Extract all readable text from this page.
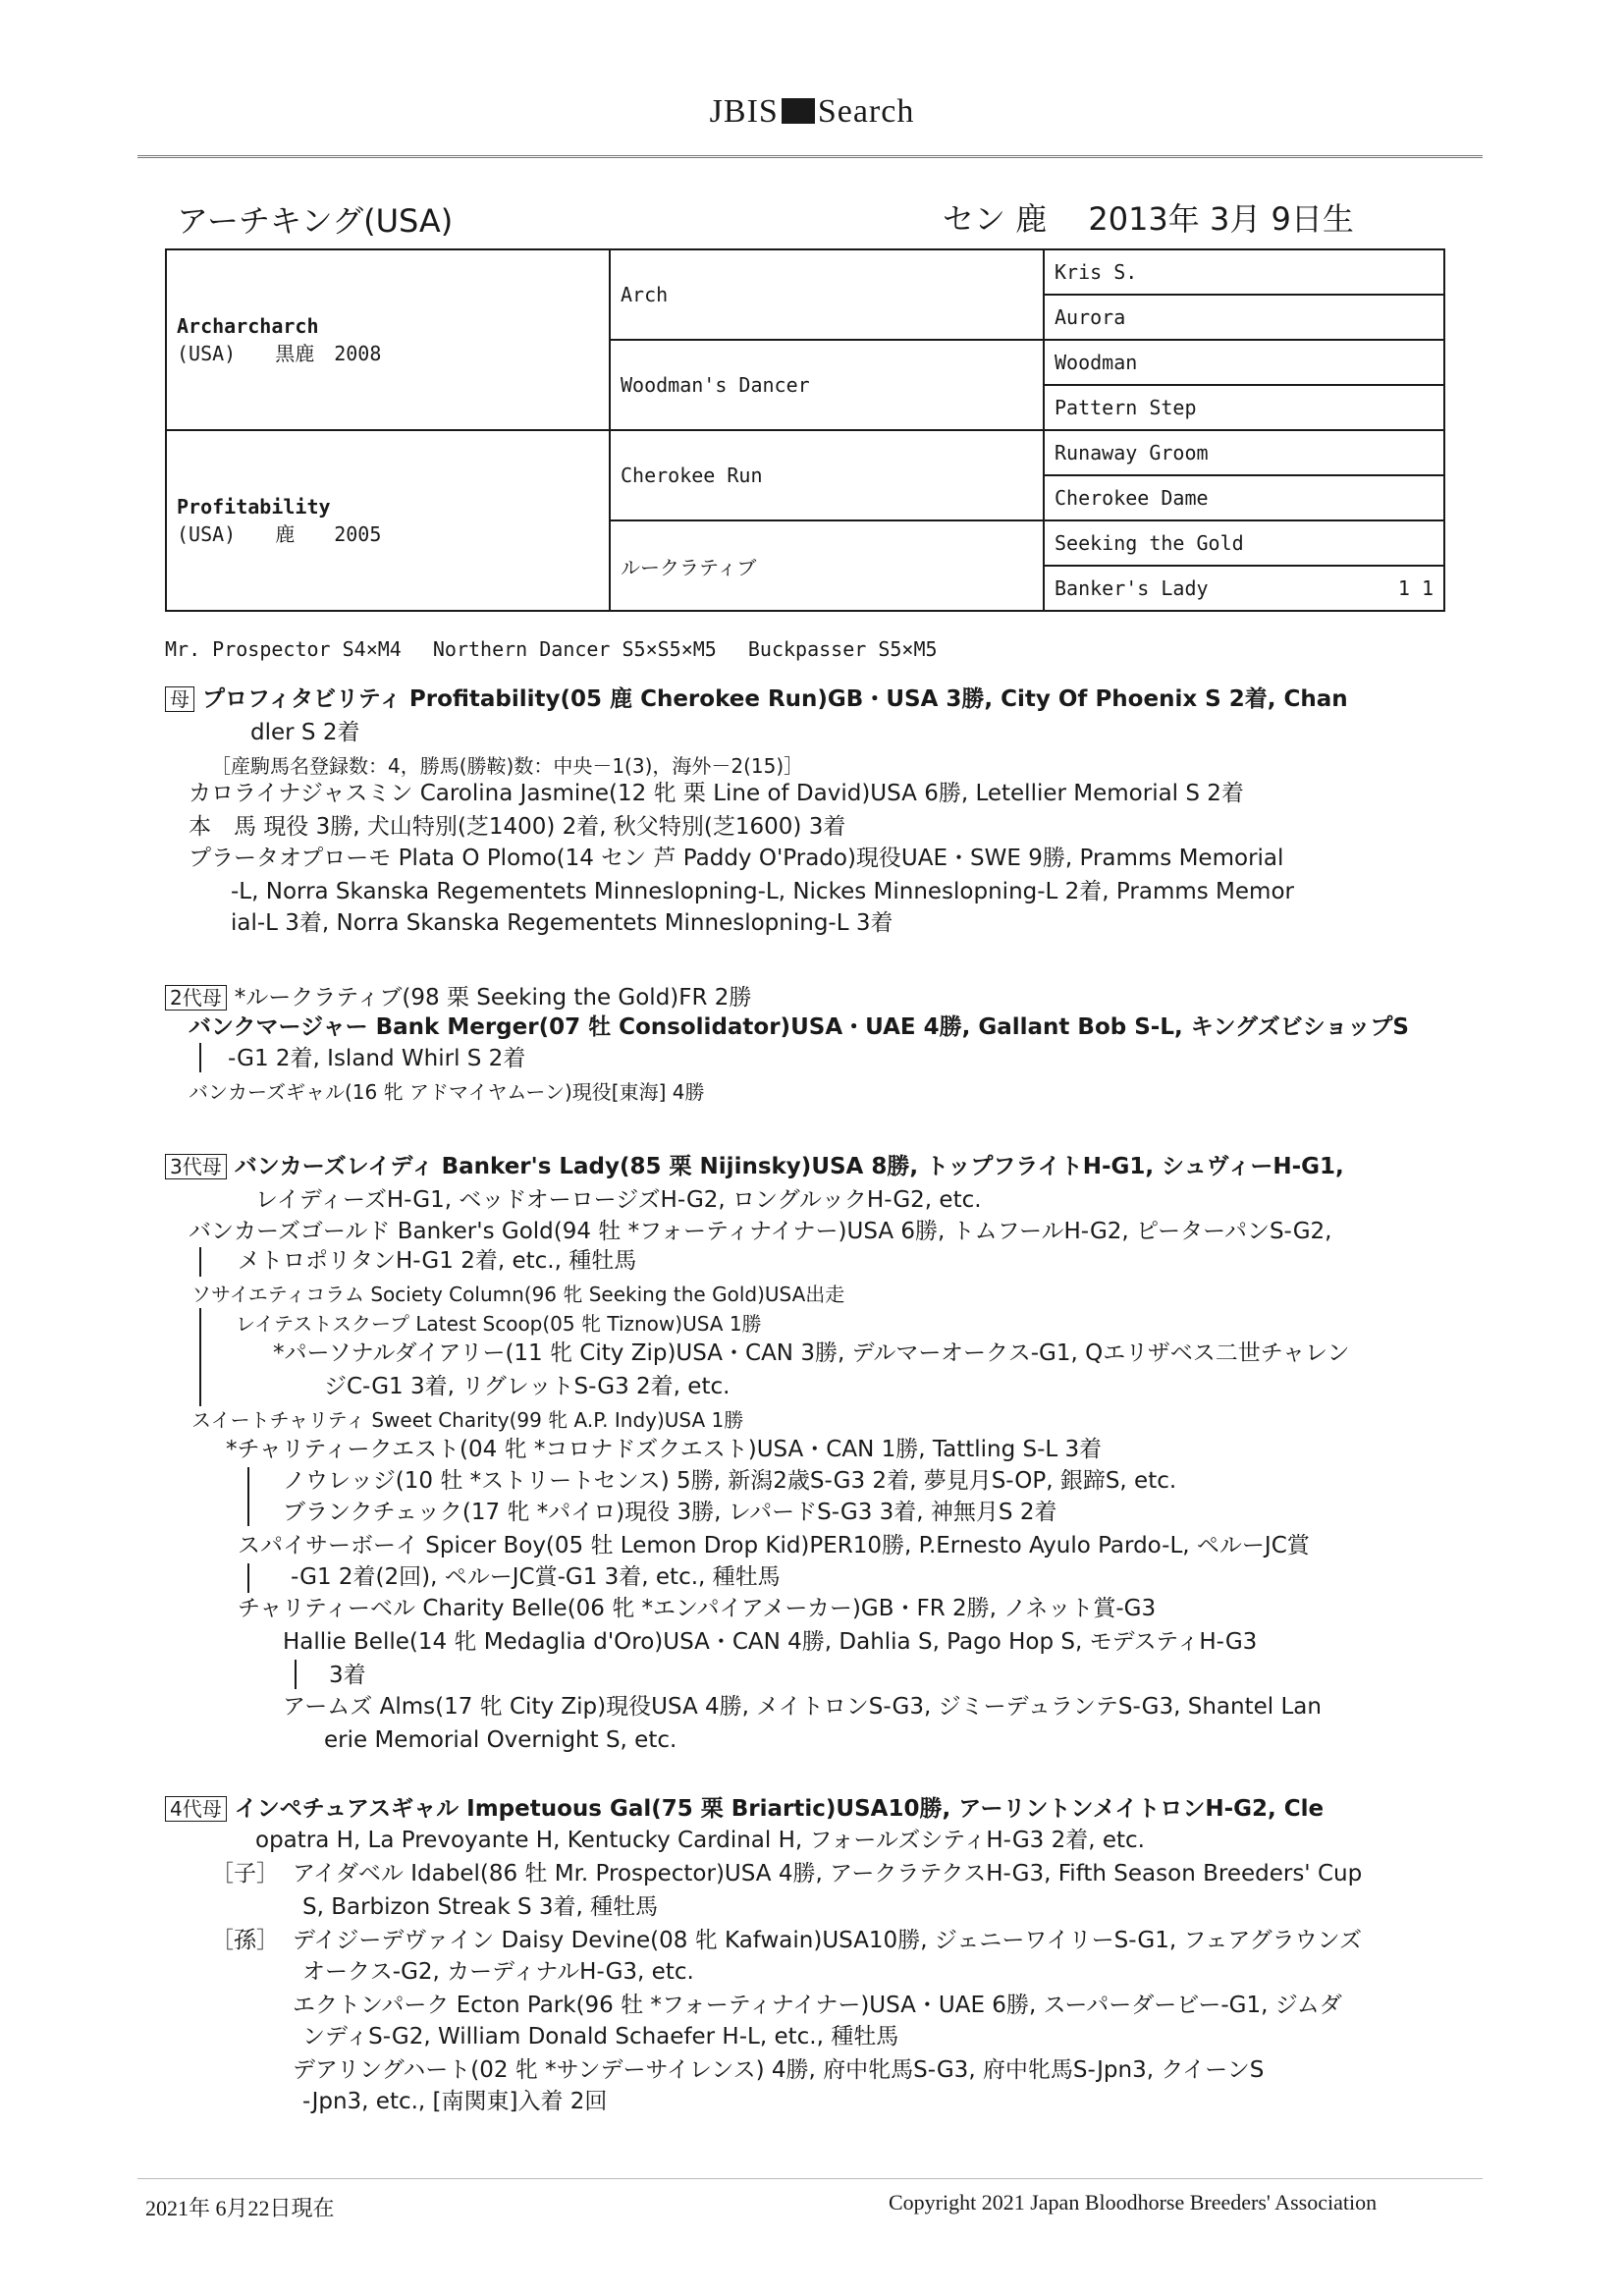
JBIS Search
アーチキング(USA)	セン 鹿　 2013年 3月 9日生
Archarcharch
(USA)　　黒鹿　2008	Arch	Kris S.
		Aurora
	Woodman's Dancer	Woodman
		Pattern Step

Profitability
(USA)　　鹿　　2005	Cherokee Run	Runaway Groom
		Cherokee Dame
	ルークラティブ	Seeking the Gold
		Banker's Lady 1 1
Mr. Prospector S4×M4　 Northern Dancer S5×S5×M5　 Buckpasser S5×M5
母 プロフィタビリティ Profitability(05 鹿 Cherokee Run)GB・USA 3勝, City Of Phoenix S 2着, Chan
dler S 2着
［産駒馬名登録数：4，勝馬(勝鞍)数：中央－1(3)，海外－2(15)］
カロライナジャスミン Carolina Jasmine(12 牝 栗 Line of David)USA 6勝, Letellier Memorial S 2着
本　馬 現役 3勝, 犬山特別(芝1400) 2着, 秋父特別(芝1600) 3着
プラータオプローモ Plata O Plomo(14 セン 芦 Paddy O'Prado)現役UAE・SWE 9勝, Pramms Memorial
-L, Norra Skanska Regementets Minneslopning-L, Nickes Minneslopning-L 2着, Pramms Memor
ial-L 3着, Norra Skanska Regementets Minneslopning-L 3着
2代母 *ルークラティブ(98 栗 Seeking the Gold)FR 2勝
バンクマージャー Bank Merger(07 牡 Consolidator)USA・UAE 4勝, Gallant Bob S-L, キングズビショップS
-G1 2着, Island Whirl S 2着
バンカーズギャル(16 牝 アドマイヤムーン)現役[東海] 4勝
3代母 バンカーズレイディ Banker's Lady(85 栗 Nijinsky)USA 8勝, トップフライトH-G1, シュヴィーH-G1,
レイディーズH-G1, ベッドオーロージズH-G2, ロングルックH-G2, etc.
バンカーズゴールド Banker's Gold(94 牡 *フォーティナイナー)USA 6勝, トムフールH-G2, ピーターパンS-G2,
メトロポリタンH-G1 2着, etc., 種牡馬
ソサイエティコラム Society Column(96 牝 Seeking the Gold)USA出走
レイテストスクープ Latest Scoop(05 牝 Tiznow)USA 1勝
*パーソナルダイアリー(11 牝 City Zip)USA・CAN 3勝, デルマーオークス-G1, Qエリザベス二世チャレン
ジC-G1 3着, リグレットS-G3 2着, etc.
スイートチャリティ Sweet Charity(99 牝 A.P. Indy)USA 1勝
*チャリティークエスト(04 牝 *コロナドズクエスト)USA・CAN 1勝, Tattling S-L 3着
ノウレッジ(10 牡 *ストリートセンス) 5勝, 新潟2歳S-G3 2着, 夢見月S-OP, 銀蹄S, etc.
ブランクチェック(17 牝 *パイロ)現役 3勝, レパードS-G3 3着, 神無月S 2着
スパイサーボーイ Spicer Boy(05 牡 Lemon Drop Kid)PER10勝, P.Ernesto Ayulo Pardo-L, ペルーJC賞
-G1 2着(2回), ペルーJC賞-G1 3着, etc., 種牡馬
チャリティーベル Charity Belle(06 牝 *エンパイアメーカー)GB・FR 2勝, ノネット賞-G3
Hallie Belle(14 牝 Medaglia d'Oro)USA・CAN 4勝, Dahlia S, Pago Hop S, モデスティH-G3
3着
アームズ Alms(17 牝 City Zip)現役USA 4勝, メイトロンS-G3, ジミーデュランテS-G3, Shantel Lan
erie Memorial Overnight S, etc.
4代母 インペチュアスギャル Impetuous Gal(75 栗 Briartic)USA10勝, アーリントンメイトロンH-G2, Cle
opatra H, La Prevoyante H, Kentucky Cardinal H, フォールズシティH-G3 2着, etc.
［子］ アイダベル Idabel(86 牡 Mr. Prospector)USA 4勝, アークラテクスH-G3, Fifth Season Breeders' Cup
S, Barbizon Streak S 3着, 種牡馬
［孫］ デイジーデヴァイン Daisy Devine(08 牝 Kafwain)USA10勝, ジェニーワイリーS-G1, フェアグラウンズ
オークス-G2, カーディナルH-G3, etc.
エクトンパーク Ecton Park(96 牡 *フォーティナイナー)USA・UAE 6勝, スーパーダービー-G1, ジムダ
ンディS-G2, William Donald Schaefer H-L, etc., 種牡馬
デアリングハート(02 牝 *サンデーサイレンス) 4勝, 府中牝馬S-G3, 府中牝馬S-Jpn3, クイーンS
-Jpn3, etc., [南関東]入着 2回
2021年 6月22日現在	Copyright 2021 Japan Bloodhorse Breeders' Association
